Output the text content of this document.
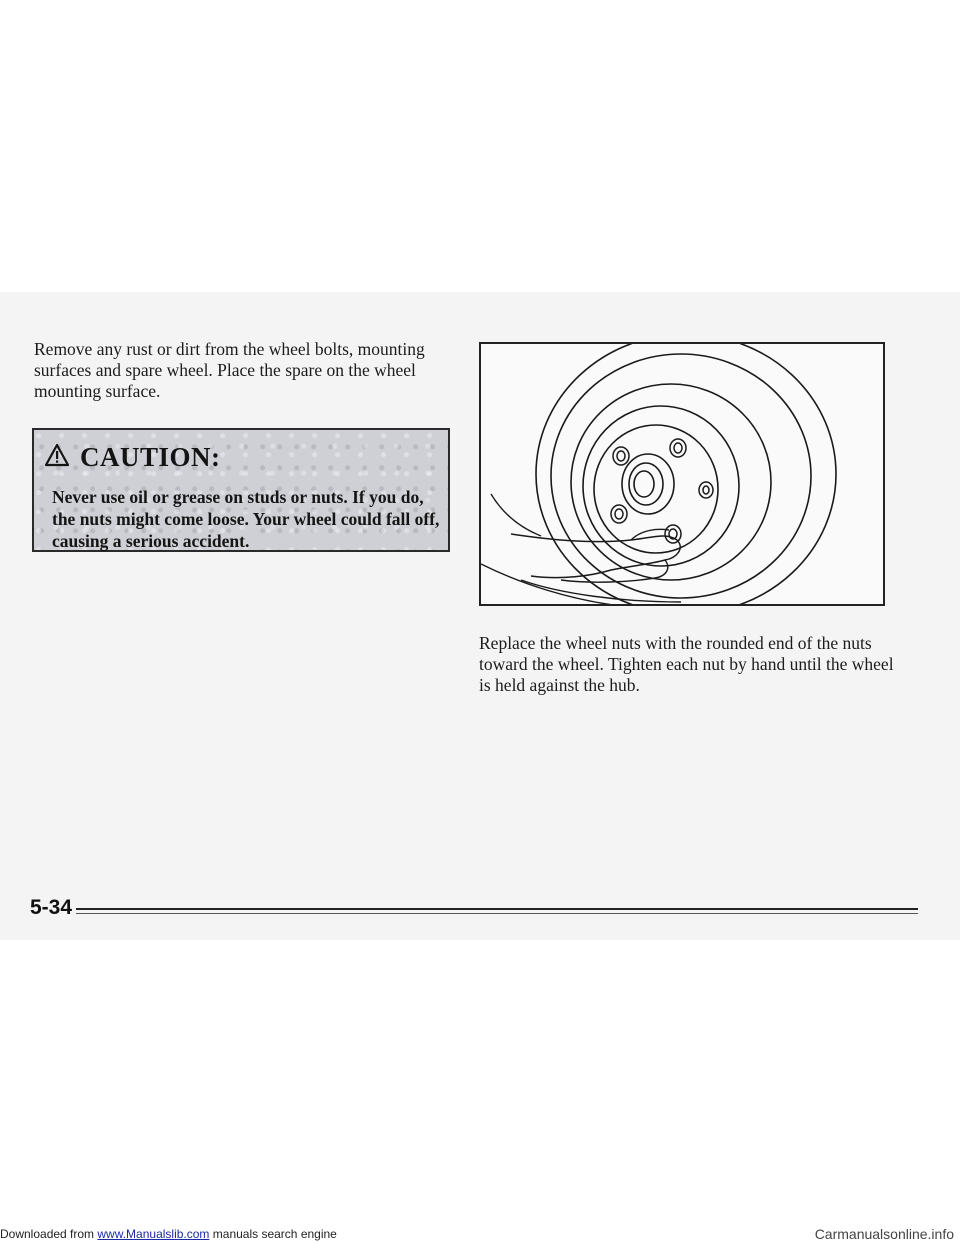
Remove any rust or dirt from the wheel bolts, mounting surfaces and spare wheel. Place the spare on the wheel mounting surface.

CAUTION:

Never use oil or grease on studs or nuts. If you do, the nuts might come loose. Your wheel could fall off, causing a serious accident.

Replace the wheel nuts with the rounded end of the nuts toward the wheel. Tighten each nut by hand until the wheel is held against the hub.

5-34
Downloaded from www.Manualslib.com manuals search engine	Carmanualsonline.info
